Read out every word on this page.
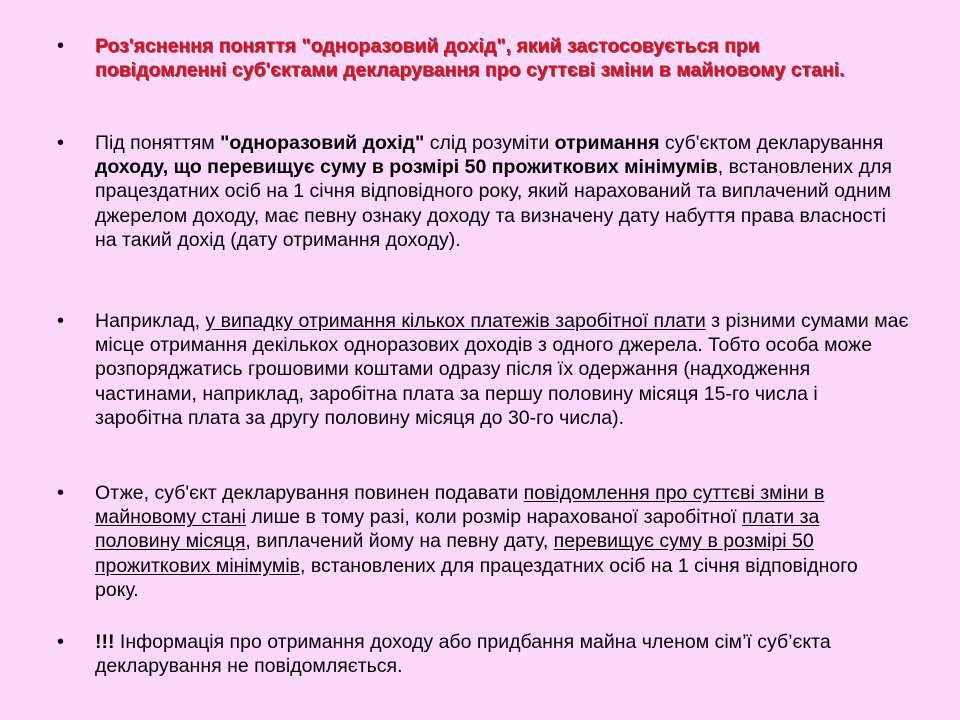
• Роз'яснення поняття "одноразовий дохід", який застосовується при повідомленні суб'єктами декларування про суттєві зміни в майновому стані.
• Під поняттям "одноразовий дохід" слід розуміти отримання суб'єктом декларування доходу, що перевищує суму в розмірі 50 прожиткових мінімумів, встановлених для працездатних осіб на 1 січня відповідного року, який нарахований та виплачений одним джерелом доходу, має певну ознаку доходу та визначену дату набуття права власності на такий дохід (дату отримання доходу).
• Наприклад, у випадку отримання кількох платежів заробітної плати з різними сумами має місце отримання декількох одноразових доходів з одного джерела. Тобто особа може розпоряджатись грошовими коштами одразу після їх одержання (надходження частинами, наприклад, заробітна плата за першу половину місяця 15-го числа і заробітна плата за другу половину місяця до 30-го числа).
• Отже, суб'єкт декларування повинен подавати повідомлення про суттєві зміни в майновому стані лише в тому разі, коли розмір нарахованої заробітної плати за половину місяця, виплачений йому на певну дату, перевищує суму в розмірі 50 прожиткових мінімумів, встановлених для працездатних осіб на 1 січня відповідного року.
• !!! Інформація про отримання доходу або придбання майна членом сім’ї суб’єкта декларування не повідомляється.
